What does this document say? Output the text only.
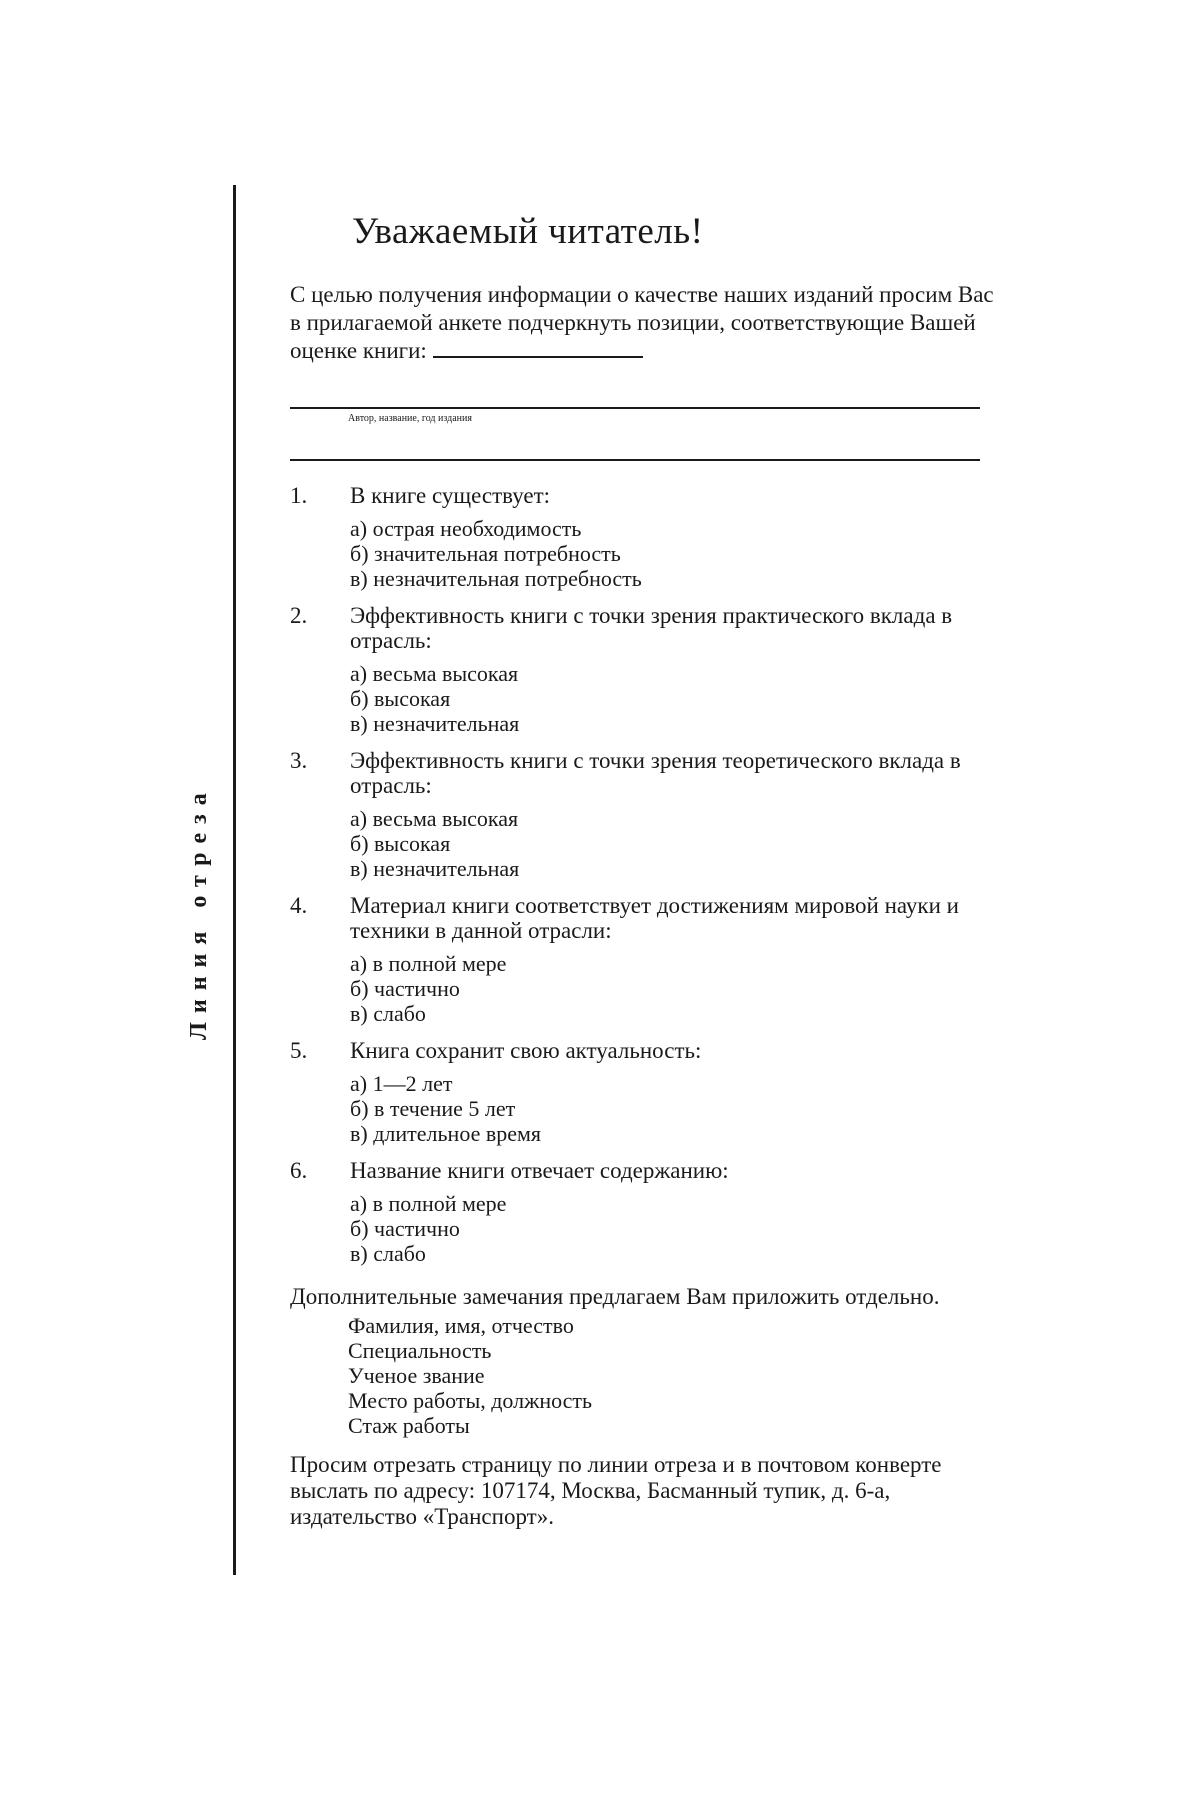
Линия отреза
Уважаемый читатель!
С целью получения информации о качестве наших изданий просим Вас в прилагаемой анкете подчеркнуть позиции, соответствующие Вашей оценке книги:
Автор, название, год издания
1.	В книге существует:
а) острая необходимость
б) значительная потребность
в) незначительная потребность
2.	Эффективность книги с точки зрения практического вклада в отрасль:
а) весьма высокая
б) высокая
в) незначительная
3.	Эффективность книги с точки зрения теоретического вклада в отрасль:
а) весьма высокая
б) высокая
в) незначительная
4.	Материал книги соответствует достижениям мировой науки и техники в данной отрасли:
а) в полной мере
б) частично
в) слабо
5.	Книга сохранит свою актуальность:
а) 1—2 лет
б) в течение 5 лет
в) длительное время
6.	Название книги отвечает содержанию:
а) в полной мере
б) частично
в) слабо
Дополнительные замечания предлагаем Вам приложить отдельно.
Фамилия, имя, отчество
Специальность
Ученое звание
Место работы, должность
Стаж работы
Просим отрезать страницу по линии отреза и в почтовом конверте выслать по адресу: 107174, Москва, Басманный тупик, д. 6-а, издательство «Транспорт».
